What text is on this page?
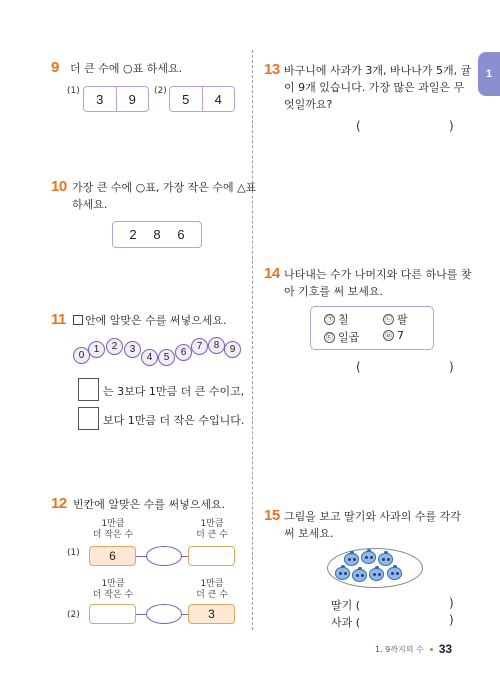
1
9 더 큰 수에 ○표 하세요.
(1)
3	9
(2)
5	4
10 가장 큰 수에 ○표, 가장 작은 수에 △표
하세요.
2 8 6
11	안에 알맞은 수를 써넣으세요.
0
1	2	3
4	5	6
7	8	9
는 3보다 1만큼 더 큰 수이고,
보다 1만큼 더 작은 수입니다.
12 빈칸에 알맞은 수를 써넣으세요.
1만큼
더 작은 수
1만큼
더 큰 수
(1)	6
1만큼
더 작은 수
1만큼
더 큰 수
(2)	3
13 바구니에 사과가 3개, 바나나가 5개, 귤
이 9개 있습니다. 가장 많은 과일은 무
엇일까요?
(	)
14 나타내는 수가 나머지와 다른 하나를 찾
아 기호를 써 보세요.
㉠ 칠	㉡ 팔
㉢ 일곱	㉣ 7
(	)
15 그림을 보고 딸기와 사과의 수를 각각
써 보세요.
딸기 (	)
사과 (	)
1. 9까지의 수 33
